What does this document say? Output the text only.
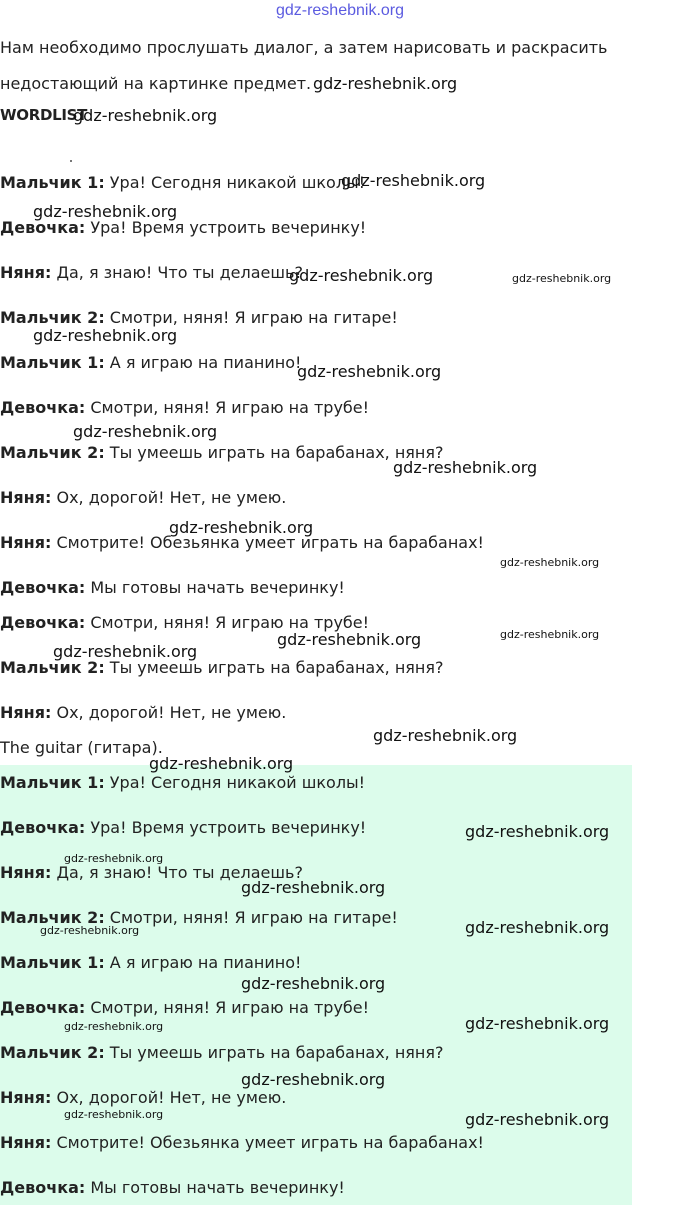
gdz-reshebnik.org
Нам необходимо прослушать диалог, а затем нарисовать и раскрасить недостающий на картинке предмет.
WORDLIST
Мальчик 1: Ура! Сегодня никакой школы!
Девочка: Ура! Время устроить вечеринку!
Няня: Да, я знаю! Что ты делаешь?
Мальчик 2: Смотри, няня! Я играю на гитаре!
Мальчик 1: А я играю на пианино!
Девочка: Смотри, няня! Я играю на трубе!
Мальчик 2: Ты умеешь играть на барабанах, няня?
Няня: Ох, дорогой! Нет, не умею.
Няня: Смотрите! Обезьянка умеет играть на барабанах!
Девочка: Мы готовы начать вечеринку!
Девочка: Смотри, няня! Я играю на трубе!
Мальчик 2: Ты умеешь играть на барабанах, няня?
Няня: Ох, дорогой! Нет, не умею.
The guitar (гитара).
Мальчик 1: Ура! Сегодня никакой школы!
Девочка: Ура! Время устроить вечеринку!
Няня: Да, я знаю! Что ты делаешь?
Мальчик 2: Смотри, няня! Я играю на гитаре!
Мальчик 1: А я играю на пианино!
Девочка: Смотри, няня! Я играю на трубе!
Мальчик 2: Ты умеешь играть на барабанах, няня?
Няня: Ох, дорогой! Нет, не умею.
Няня: Смотрите! Обезьянка умеет играть на барабанах!
Девочка: Мы готовы начать вечеринку!
gdz-reshebnik.org
gdz-reshebnik.org
gdz-reshebnik.org
gdz-reshebnik.org
gdz-reshebnik.org	gdz-reshebnik.org
gdz-reshebnik.org
gdz-reshebnik.org
gdz-reshebnik.org
gdz-reshebnik.org
gdz-reshebnik.org
gdz-reshebnik.org
gdz-reshebnik.org	gdz-reshebnik.org
gdz-reshebnik.org
gdz-reshebnik.org
gdz-reshebnik.org
gdz-reshebnik.org
gdz-reshebnik.org
gdz-reshebnik.org
gdz-reshebnik.org	gdz-reshebnik.org
gdz-reshebnik.org
gdz-reshebnik.org	gdz-reshebnik.org
gdz-reshebnik.org
gdz-reshebnik.org	gdz-reshebnik.org
